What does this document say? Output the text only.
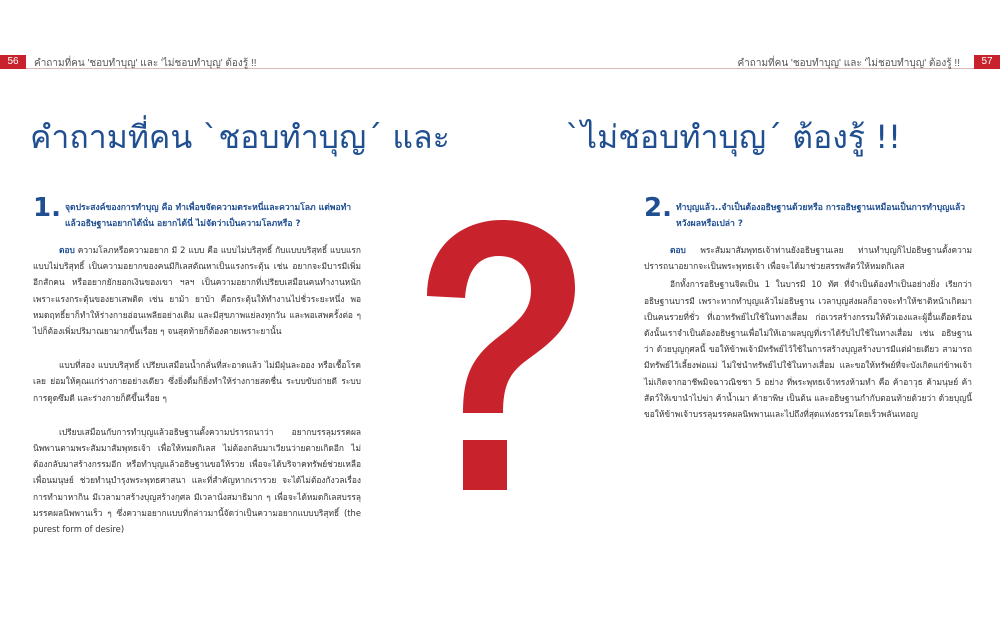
56	คำถามที่คน 'ชอบทำบุญ' และ 'ไม่ชอบทำบุญ' ต้องรู้ !!	คำถามที่คน 'ชอบทำบุญ' และ 'ไม่ชอบทำบุญ' ต้องรู้ !!	57
คำถามที่คน `ชอบทำบุญ´ และ	`ไม่ชอบทำบุญ´ ต้องรู้ !!
1. จุดประสงค์ของการทำบุญ คือ ทำเพื่อขจัดความตระหนี่และความโลภ แต่พอทำแล้วอธิษฐานอยากได้นั่น อยากได้นี่ ไม่จัดว่าเป็นความโลภหรือ ?

ตอบ ความโลภหรือความอยาก มี 2 แบบ คือ แบบไม่บริสุทธิ์ กับแบบบริสุทธิ์ แบบแรก แบบไม่บริสุทธิ์ เป็นความอยากของคนมีกิเลสตัณหาเป็นแรงกระตุ้น เช่น อยากจะมีบารมีเพิ่มอีกสักคน หรืออยากยักยอกเงินของเขา ฯลฯ เป็นความอยากที่เปรียบเสมือนคนทำงานหนักเพราะแรงกระตุ้นของยาเสพติด เช่น ยาม้า ยาบ้า คือกระตุ้นให้ทำงานไปชั่วระยะหนึ่ง พอหมดฤทธิ์ยาก็ทำให้ร่างกายอ่อนเพลียอย่างเดิม และมีสุขภาพแย่ลงทุกวัน และพอเสพครั้งต่อ ๆ ไปก็ต้องเพิ่มปริมาณยามากขึ้นเรื่อย ๆ จนสุดท้ายก็ต้องตายเพราะยานั้น

แบบที่สอง แบบบริสุทธิ์ เปรียบเสมือนน้ำกลั่นที่สะอาดแล้ว ไม่มีฝุ่นละออง หรือเชื้อโรคเลย ย่อมให้คุณแก่ร่างกายอย่างเดียว ซึ่งยิ่งดื่มก็ยิ่งทำให้ร่างกายสดชื่น ระบบขับถ่ายดี ระบบการดูดซึมดี และร่างกายก็ดีขึ้นเรื่อย ๆ

เปรียบเสมือนกับการทำบุญแล้วอธิษฐานตั้งความปรารถนาว่า อยากบรรลุมรรคผลนิพพานตามพระสัมมาสัมพุทธเจ้า เพื่อให้หมดกิเลส ไม่ต้องกลับมาเวียนว่ายตายเกิดอีก ไม่ต้องกลับมาสร้างกรรมอีก หรือทำบุญแล้วอธิษฐานขอให้รวย เพื่อจะได้บริจาคทรัพย์ช่วยเหลือเพื่อนมนุษย์ ช่วยทำนุบำรุงพระพุทธศาสนา และที่สำคัญหากเรารวย จะได้ไม่ต้องกังวลเรื่องการทำมาหากิน มีเวลามาสร้างบุญสร้างกุศล มีเวลานั่งสมาธิมาก ๆ เพื่อจะได้หมดกิเลสบรรลุมรรคผลนิพพานเร็ว ๆ ซึ่งความอยากแบบที่กล่าวมานี้จัดว่าเป็นความอยากแบบบริสุทธิ์ (the purest form of desire)

2. ทำบุญแล้ว..จำเป็นต้องอธิษฐานด้วยหรือ การอธิษฐานเหมือนเป็นการทำบุญแล้วหวังผลหรือเปล่า ?

ตอบ พระสัมมาสัมพุทธเจ้าท่านยังอธิษฐานเลย ท่านทำบุญก็ไปอธิษฐานตั้งความปรารถนาอยากจะเป็นพระพุทธเจ้า เพื่อจะได้มาช่วยสรรพสัตว์ให้หมดกิเลส

อีกทั้งการอธิษฐานจิตเป็น 1 ในบารมี 10 ทัศ ที่จำเป็นต้องทำเป็นอย่างยิ่ง เรียกว่า อธิษฐานบารมี เพราะหากทำบุญแล้วไม่อธิษฐาน เวลาบุญส่งผลก็อาจจะทำให้ชาติหน้าเกิดมาเป็นคนรวยที่ชั่ว ที่เอาทรัพย์ไปใช้ในทางเสื่อม ก่อเวรสร้างกรรมให้ตัวเองและผู้อื่นเดือดร้อน ดังนั้นเราจำเป็นต้องอธิษฐานเพื่อไม่ให้เอาผลบุญที่เราได้รับไปใช้ในทางเสื่อม เช่น อธิษฐานว่า ด้วยบุญกุศลนี้ ขอให้ข้าพเจ้ามีทรัพย์ไว้ใช้ในการสร้างบุญสร้างบารมีแต่ฝ่ายเดียว สามารถมีทรัพย์ไว้เลี้ยงพ่อแม่ ไม่ใช่นำทรัพย์ไปใช้ในทางเสื่อม และขอให้ทรัพย์ที่จะบังเกิดแก่ข้าพเจ้าไม่เกิดจากอาชีพมิจฉาวณิชชา 5 อย่าง ที่พระพุทธเจ้าทรงห้ามทำ คือ ค้าอาวุธ ค้ามนุษย์ ค้าสัตว์ให้เขานำไปฆ่า ค้าน้ำเมา ค้ายาพิษ เป็นต้น และอธิษฐานกำกับตอนท้ายด้วยว่า ด้วยบุญนี้ ขอให้ข้าพเจ้าบรรลุมรรคผลนิพพานและไปถึงที่สุดแห่งธรรมโดยเร็วพลันเทอญ
